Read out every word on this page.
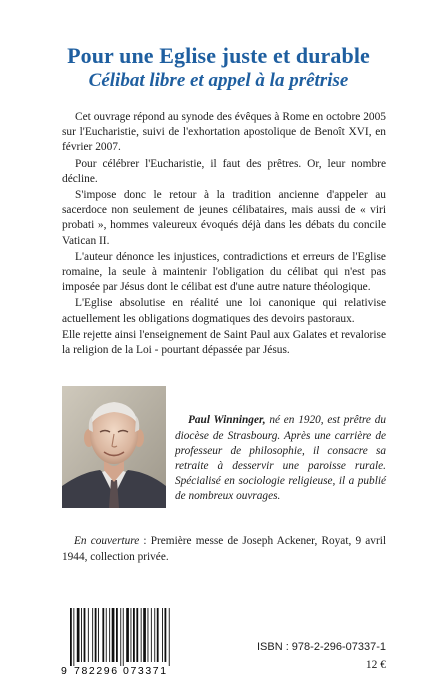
Pour une Eglise juste et durable
Célibat libre et appel à la prêtrise

Cet ouvrage répond au synode des évêques à Rome en octobre 2005 sur l'Eucharistie, suivi de l'exhortation apostolique de Benoît XVI, en février 2007.

Pour célébrer l'Eucharistie, il faut des prêtres. Or, leur nombre décline.

S'impose donc le retour à la tradition ancienne d'appeler au sacerdoce non seulement de jeunes célibataires, mais aussi de « viri probati », hommes valeureux évoqués déjà dans les débats du concile Vatican II.

L'auteur dénonce les injustices, contradictions et erreurs de l'Eglise romaine, la seule à maintenir l'obligation du célibat qui n'est pas imposée par Jésus dont le célibat est d'une autre nature théologique.

L'Eglise absolutise en réalité une loi canonique qui relativise actuellement les obligations dogmatiques des devoirs pastoraux.

Elle rejette ainsi l'enseignement de Saint Paul aux Galates et revalorise la religion de la Loi - pourtant dépassée par Jésus.

Paul Winninger, né en 1920, est prêtre du diocèse de Strasbourg. Après une carrière de professeur de philosophie, il consacre sa retraite à desservir une paroisse rurale. Spécialisé en sociologie religieuse, il a publié de nombreux ouvrages.

En couverture : Première messe de Joseph Ackener, Royat, 9 avril 1944, collection privée.

9 782296 073371
ISBN : 978-2-296-07337-1
12 €
